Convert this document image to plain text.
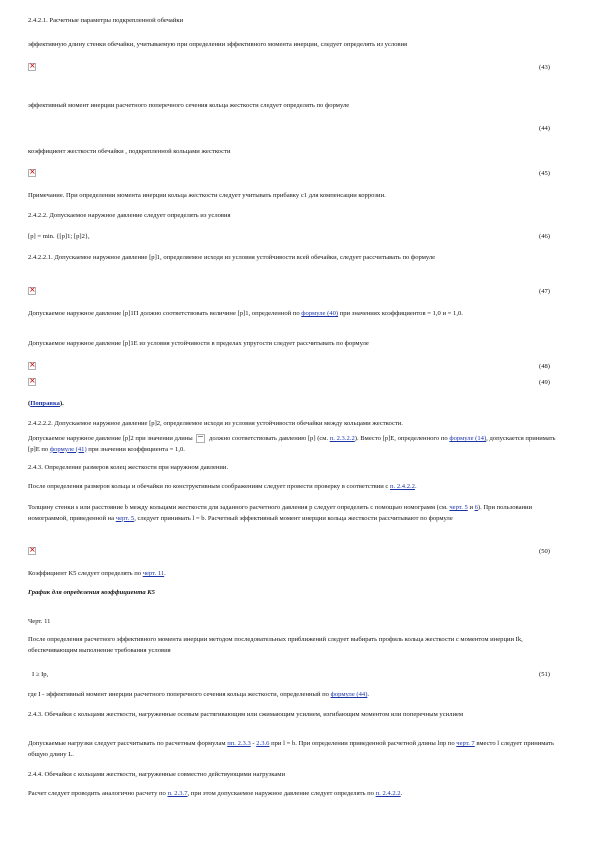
2.4.2.1. Расчетные параметры подкрепленной обечайки
эффективную длину стенки обечайки, учитываемую при определении эффективного момента инерции, следует определять из условия
×
(43)
эффективный момент инерции расчетного поперечного сечения кольца жесткости следует определять по формуле
(44)
коэффициент жесткости обечайки , подкрепленной кольцами жесткости
×
(45)
Примечание. При определении момента инерции кольца жесткости следует учитывать прибавку с1 для компенсации коррозии.
2.4.2.2. Допускаемое наружное давление следует определять из условия
[p] = min. {[p]1; [p]2},	(46)
2.4.2.2.1. Допускаемое наружное давление [p]1, определяемое исходя из условия устойчивости всей обечайки, следует рассчитывать по формуле
×
(47)
Допускаемое наружное давление [p]1П должно соответствовать величине [p]1, определенной по формуле (40) при значениях коэффициентов = 1,0 и = 1,0.
Допускаемое наружное давление [p]1Е из условия устойчивости в пределах упругости следует рассчитывать по формуле
×
(48)
×
(49)
(Поправка).
2.4.2.2.2. Допускаемое наружное давление [p]2, определяемое исходя из условия устойчивости обечайки между кольцами жесткости.
Допускаемое наружное давление [p]2 при значении длины  должно соответствовать давлению [p] (см. п. 2.3.2.2). Вместо [p]Е, определенного по формуле (14), допускается принимать [p]Е по формуле (41) при значении коэффициента = 1,0.
2.4.3. Определение размеров колец жесткости при наружном давлении.
После определения размеров кольца и обечайки по конструктивным соображениям следует провести проверку в соответствии с п. 2.4.2.2.
Толщину стенки s или расстояние b между кольцами жесткости для заданного расчетного давления p следует определять с помощью номограмм (см. черт. 5 и 6). При пользовании номограммой, приведенной на черт. 5, следует принимать l = b. Расчетный эффективный момент инерции кольца жесткости рассчитывают по формуле
×
(50)
Коэффициент K5 следует определять по черт. 11.
График для определения коэффициента K5
Черт. 11
После определения расчетного эффективного момента инерции методом последовательных приближений следует выбирать профиль кольца жесткости с моментом инерции Ik, обеспечивающим выполнение требования условия
I ≥ Ip,	(51)
где I - эффективный момент инерции расчетного поперечного сечения кольца жесткости, определенный по формуле (44).
2.4.3. Обечайки с кольцами жесткости, нагруженные осевым растягивающим или сжимающим усилием, изгибающим моментом или поперечным усилием
Допускаемые нагрузки следует рассчитывать по расчетным формулам пп. 2.3.3 - 2.3.6 при l = b. При определении приведенной расчетной длины lпр по черт. 7 вместо l следует принимать общую длину L.
2.4.4. Обечайки с кольцами жесткости, нагруженные совместно действующими нагрузками
Расчет следует проводить аналогично расчету по п. 2.3.7, при этом допускаемое наружное давление следует определять по п. 2.4.2.2.
